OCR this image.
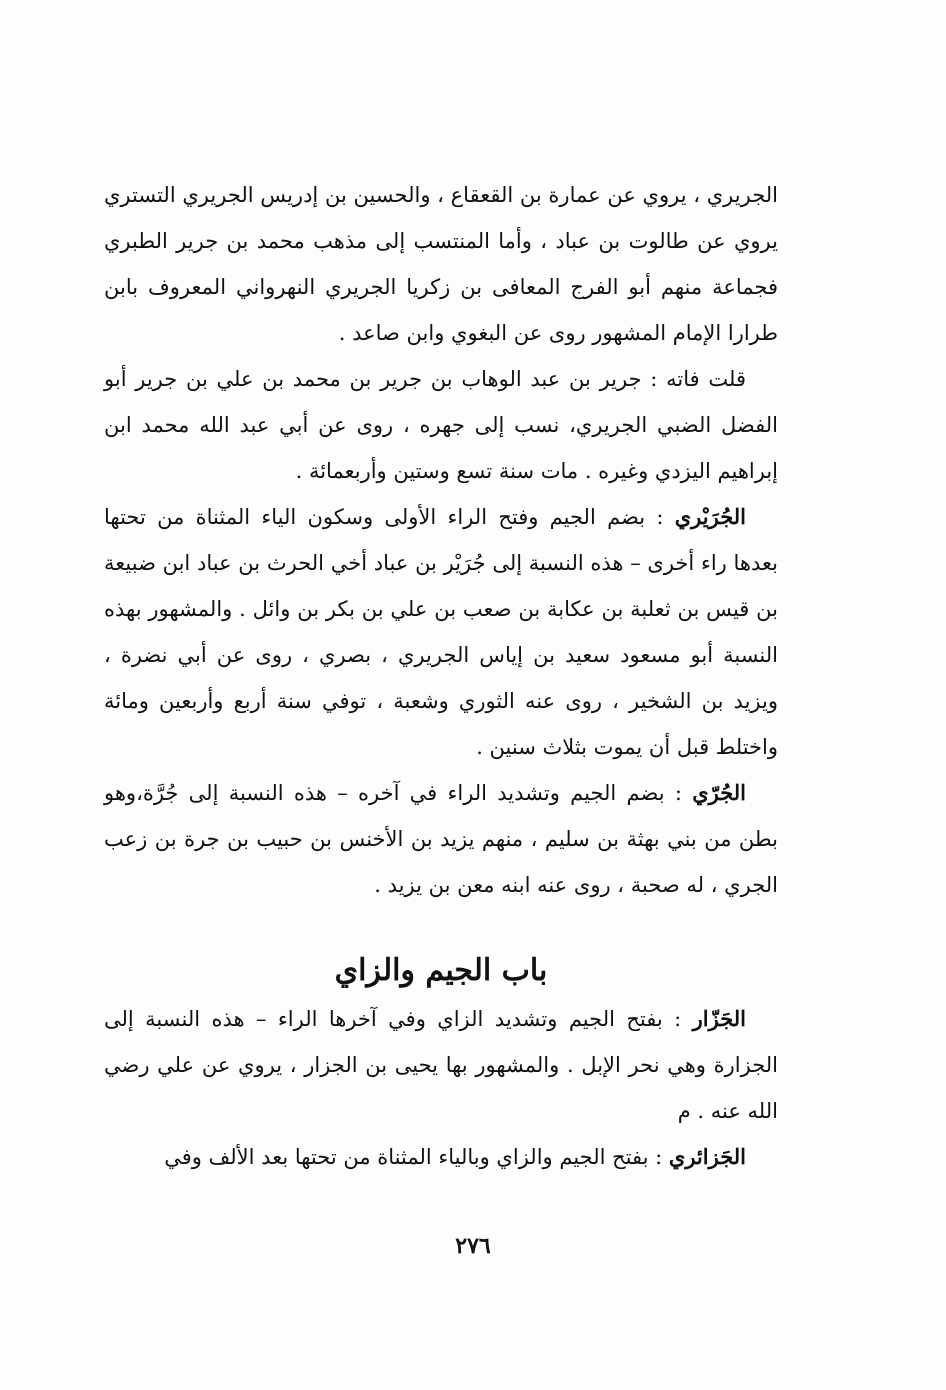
الجريري ، يروي عن عمارة بن القعقاع ، والحسين بن إدريس الجريري التستري يروي عن طالوت بن عباد ، وأما المنتسب إلى مذهب محمد بن جرير الطبري فجماعة منهم أبو الفرج المعافى بن زكريا الجريري النهرواني المعروف بابن طرارا الإمام المشهور روى عن البغوي وابن صاعد .

قلت فاته : جرير بن عبد الوهاب بن جرير بن محمد بن علي بن جرير أبو الفضل الضبي الجريري، نسب إلى جهره ، روى عن أبي عبد الله محمد ابن إبراهيم اليزدي وغيره . مات سنة تسع وستين وأربعمائة .

الجُرَيْري : بضم الجيم وفتح الراء الأولى وسكون الياء المثناة من تحتها بعدها راء أخرى – هذه النسبة إلى جُرَيْر بن عباد أخي الحرث بن عباد ابن ضبيعة بن قيس بن ثعلبة بن عكابة بن صعب بن علي بن بكر بن وائل . والمشهور بهذه النسبة أبو مسعود سعيد بن إياس الجريري ، بصري ، روى عن أبي نضرة ، ويزيد بن الشخير ، روى عنه الثوري وشعبة ، توفي سنة أربع وأربعين ومائة واختلط قبل أن يموت بثلاث سنين .

الجُرّي : بضم الجيم وتشديد الراء في آخره – هذه النسبة إلى جُرَّة،وهو بطن من بني بهثة بن سليم ، منهم يزيد بن الأخنس بن حبيب بن جرة بن زعب الجري ، له صحبة ، روى عنه ابنه معن بن يزيد .

باب الجيم والزاي

الجَزّار : بفتح الجيم وتشديد الزاي وفي آخرها الراء – هذه النسبة إلى الجزارة وهي نحر الإبل . والمشهور بها يحيى بن الجزار ، يروي عن علي رضي الله عنه . م

الجَزائري : بفتح الجيم والزاي وبالياء المثناة من تحتها بعد الألف وفي

٢٧٦
